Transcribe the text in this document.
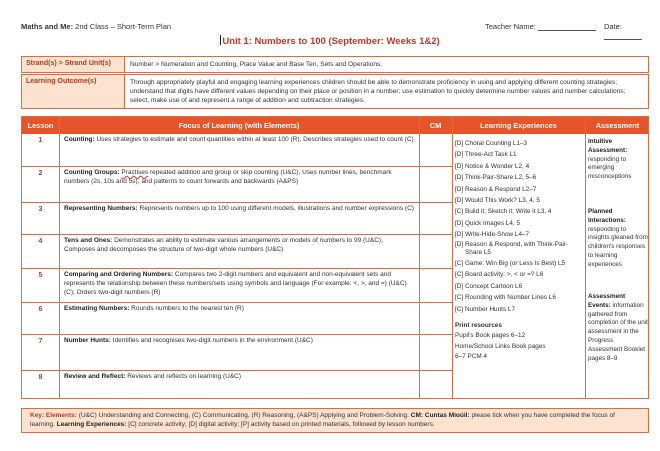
Maths and Me: 2nd Class – Short-Term Plan	Teacher Name:	Date:
Unit 1: Numbers to 100 (September: Weeks 1&2)
Strand(s) > Strand Unit(s)	Number > Numeration and Counting, Place Value and Base Ten, Sets and Operations.
Learning Outcome(s)	Through appropriately playful and engaging learning experiences children should be able to demonstrate proficiency in using and applying different counting strategies; understand that digits have different values depending on their place or position in a number; use estimation to quickly determine number values and number calculations; select, make use of and represent a range of addition and subtraction strategies.
Lesson	Focus of Learning (with Elements)	CM	Learning Experiences	Assessment
1	Counting: Uses strategies to estimate and count quantities within at least 100 (R), Describes strategies used to count (C)
2	Counting Groups: Practises repeated addition and group or skip counting (U&C), Uses number lines, benchmark numbers (2s, 10s and 5s), and patterns to count forwards and backwards (A&PS)
3	Representing Numbers: Represents numbers up to 100 using different models, illustrations and number expressions (C)
4	Tens and Ones: Demonstrates an ability to estimate various arrangements or models of numbers to 99 (U&C), Composes and decomposes the structure of two-digit whole numbers (U&C)
5	Comparing and Ordering Numbers: Compares two 2-digit numbers and equivalent and non-equivalent sets and represents the relationship between these numbers/sets using symbols and language (For example: <, >, and =) (U&C) (C); Orders two-digit numbers (R)
6	Estimating Numbers: Rounds numbers to the nearest ten (R)
7	Number Hunts: Identifies and recognises two-digit numbers in the environment (U&C)
8	Review and Reflect: Reviews and reflects on learning (U&C)
[D] Choral Counting L1–3
[D] Three-Act Task L1
[D] Notice & Wonder L2, 4
[D] Think-Pair-Share L2, 5–6
[D] Reason & Respond L2–7
[D] Would This Work? L3, 4, 5
[C] Build it; Sketch it; Write it L3, 4
[D] Quick Images L4, 5
[D] Write-Hide-Show L4–7
[D] Reason & Respond, with Think-Pair- Share L5
[C] Game: Win Big (or Less Is Best) L5
[C] Board activity: >, < or =? L6
[D] Concept Cartoon L6
[C] Rounding with Number Lines L6
[C] Number Hunts L7
Print resources
Pupil's Book pages 6–12
Home/School Links Book pages
6–7 PCM 4
Intuitive Assessment: responding to emerging misconceptions
Planned Interactions: responding to insights gleaned from children's responses to learning experiences
Assessment Events: information gathered from completion of the unit assessment in the Progress Assessment Booklet pages 8–9
Key: Elements: (U&C) Understanding and Connecting, (C) Communicating, (R) Reasoning, (A&PS) Applying and Problem-Solving. CM: Cuntas Mioúil: please tick when you have completed the focus of learning. Learning Experiences: [C] concrete activity; [D] digital activity; [P] activity based on printed materials, followed by lesson numbers.
